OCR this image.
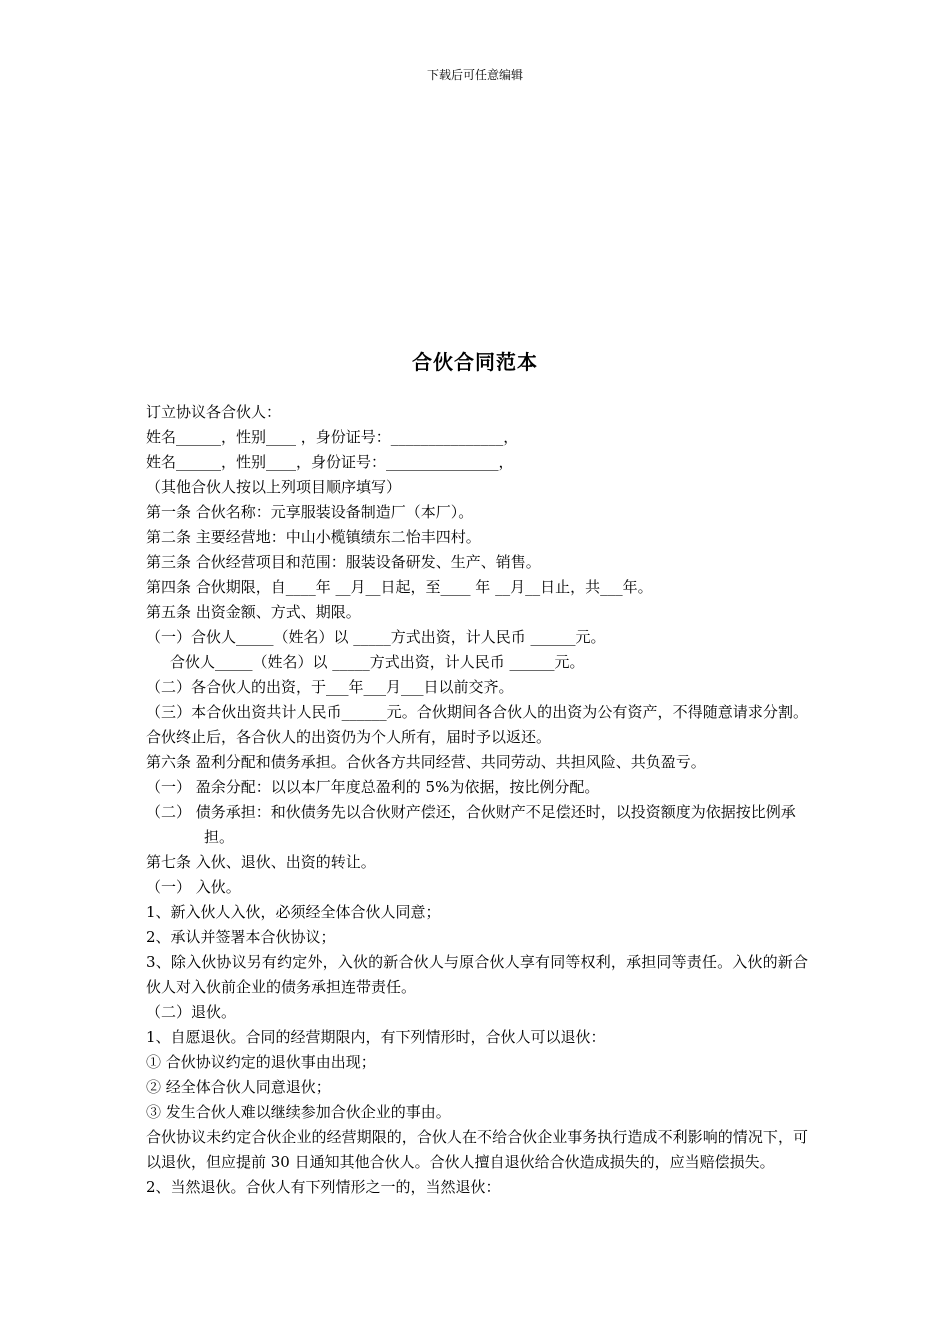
下载后可任意编辑
合伙合同范本

订立协议各合伙人：

姓名______，性别____ ，身份证号：_______________，

姓名______，性别____，身份证号：_______________，

（其他合伙人按以上列项目顺序填写）

第一条 合伙名称：元享服装设备制造厂（本厂）。

第二条 主要经营地：中山小榄镇绩东二怡丰四村。

第三条 合伙经营项目和范围：服装设备研发、生产、销售。

第四条 合伙期限，自____年 __月__日起，至____ 年 __月__日止，共___年。

第五条 出资金额、方式、期限。

（一）合伙人_____（姓名）以 _____方式出资，计人民币 ______元。

合伙人_____（姓名）以 _____方式出资，计人民币 ______元。

（二）各合伙人的出资，于___年___月___日以前交齐。

（三）本合伙出资共计人民币______元。合伙期间各合伙人的出资为公有资产，不得随意请求分割。合伙终止后，各合伙人的出资仍为个人所有，届时予以返还。

第六条 盈利分配和债务承担。合伙各方共同经营、共同劳动、共担风险、共负盈亏。

（一） 盈余分配：以以本厂年度总盈利的 5%为依据，按比例分配。

（二） 债务承担：和伙债务先以合伙财产偿还，合伙财产不足偿还时，以投资额度为依据按比例承担。

第七条 入伙、退伙、出资的转让。

（一） 入伙。

1、新入伙人入伙，必须经全体合伙人同意；

2、承认并签署本合伙协议；

3、除入伙协议另有约定外，入伙的新合伙人与原合伙人享有同等权利，承担同等责任。入伙的新合伙人对入伙前企业的债务承担连带责任。

（二）退伙。

1、自愿退伙。合同的经营期限内，有下列情形时，合伙人可以退伙：

① 合伙协议约定的退伙事由出现；

② 经全体合伙人同意退伙；

③ 发生合伙人难以继续参加合伙企业的事由。

合伙协议未约定合伙企业的经营期限的，合伙人在不给合伙企业事务执行造成不利影响的情况下，可以退伙，但应提前 30 日通知其他合伙人。合伙人擅自退伙给合伙造成损失的，应当赔偿损失。

2、当然退伙。合伙人有下列情形之一的，当然退伙：
